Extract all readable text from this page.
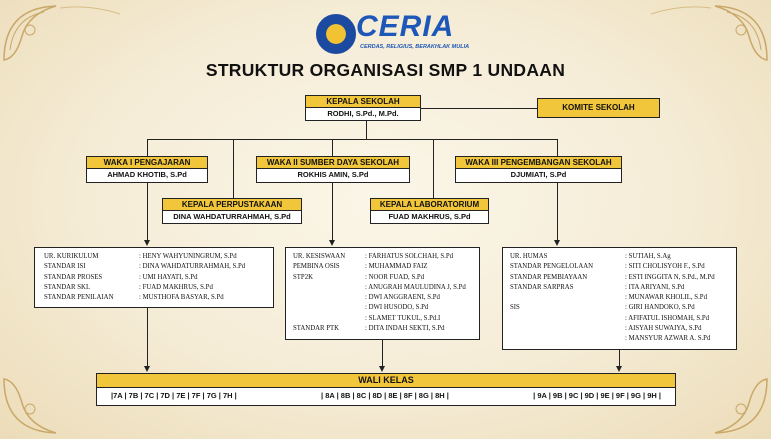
CERIA
CERDAS, RELIGIUS, BERAKHLAK MULIA
STRUKTUR ORGANISASI SMP 1 UNDAAN
KEPALA SEKOLAH
RODHI, S.Pd., M.Pd.
KOMITE SEKOLAH
WAKA I PENGAJARAN
AHMAD KHOTIB, S.Pd
WAKA II SUMBER DAYA SEKOLAH
ROKHIS AMIN, S.Pd
WAKA III PENGEMBANGAN SEKOLAH
DJUMIATI, S.Pd
KEPALA PERPUSTAKAAN
DINA WAHDATURRAHMAH, S.Pd
KEPALA LABORATORIUM
FUAD MAKHRUS, S.Pd
UR. KURIKULUM	: HENY WAHYUNINGRUM, S.Pd
STANDAR ISI	: DINA WAHDATURRAHMAH, S.Pd
STANDAR PROSES	: UMI HAYATI, S.Pd
STANDAR SKL	: FUAD MAKHRUS, S.Pd
STANDAR PENILAIAN	: MUSTHOFA BASYAR, S.Pd
UR. KESISWAAN	: FARHATUS SOLCHAH, S.Pd
PEMBINA OSIS	: MUHAMMAD FAIZ
STP2K	: NOOR FUAD, S.Pd
: ANUGRAH MAULUDINA J, S.Pd
: DWI ANGGRAENI, S.Pd
: DWI HUSODO, S.Pd
: SLAMET TUKUL, S.Pd.I
STANDAR PTK	: DITA INDAH SEKTI, S.Pd
UR. HUMAS	: SUTIAH, S.Ag
STANDAR PENGELOLAAN	: SITI CHOLISYOH F., S.Pd
STANDAR PEMBIAYAAN	: ESTI INGGITA N, S.Pd., M.Pd
STANDAR SARPRAS	: ITA ARIYANI, S.Pd
: MUNAWAR KHOLIL, S.Pd
SIS	: GIRI HANDOKO, S.Pd
: AFIFATUL ISHOMAH, S.Pd
: AISYAH SUWAIYA, S.Pd
: MANSYUR AZWAR A. S.Pd
WALI KELAS
|7A | 7B | 7C | 7D | 7E | 7F | 7G | 7H |	| 8A | 8B | 8C | 8D | 8E | 8F | 8G | 8H |	| 9A | 9B | 9C | 9D | 9E | 9F | 9G | 9H |
